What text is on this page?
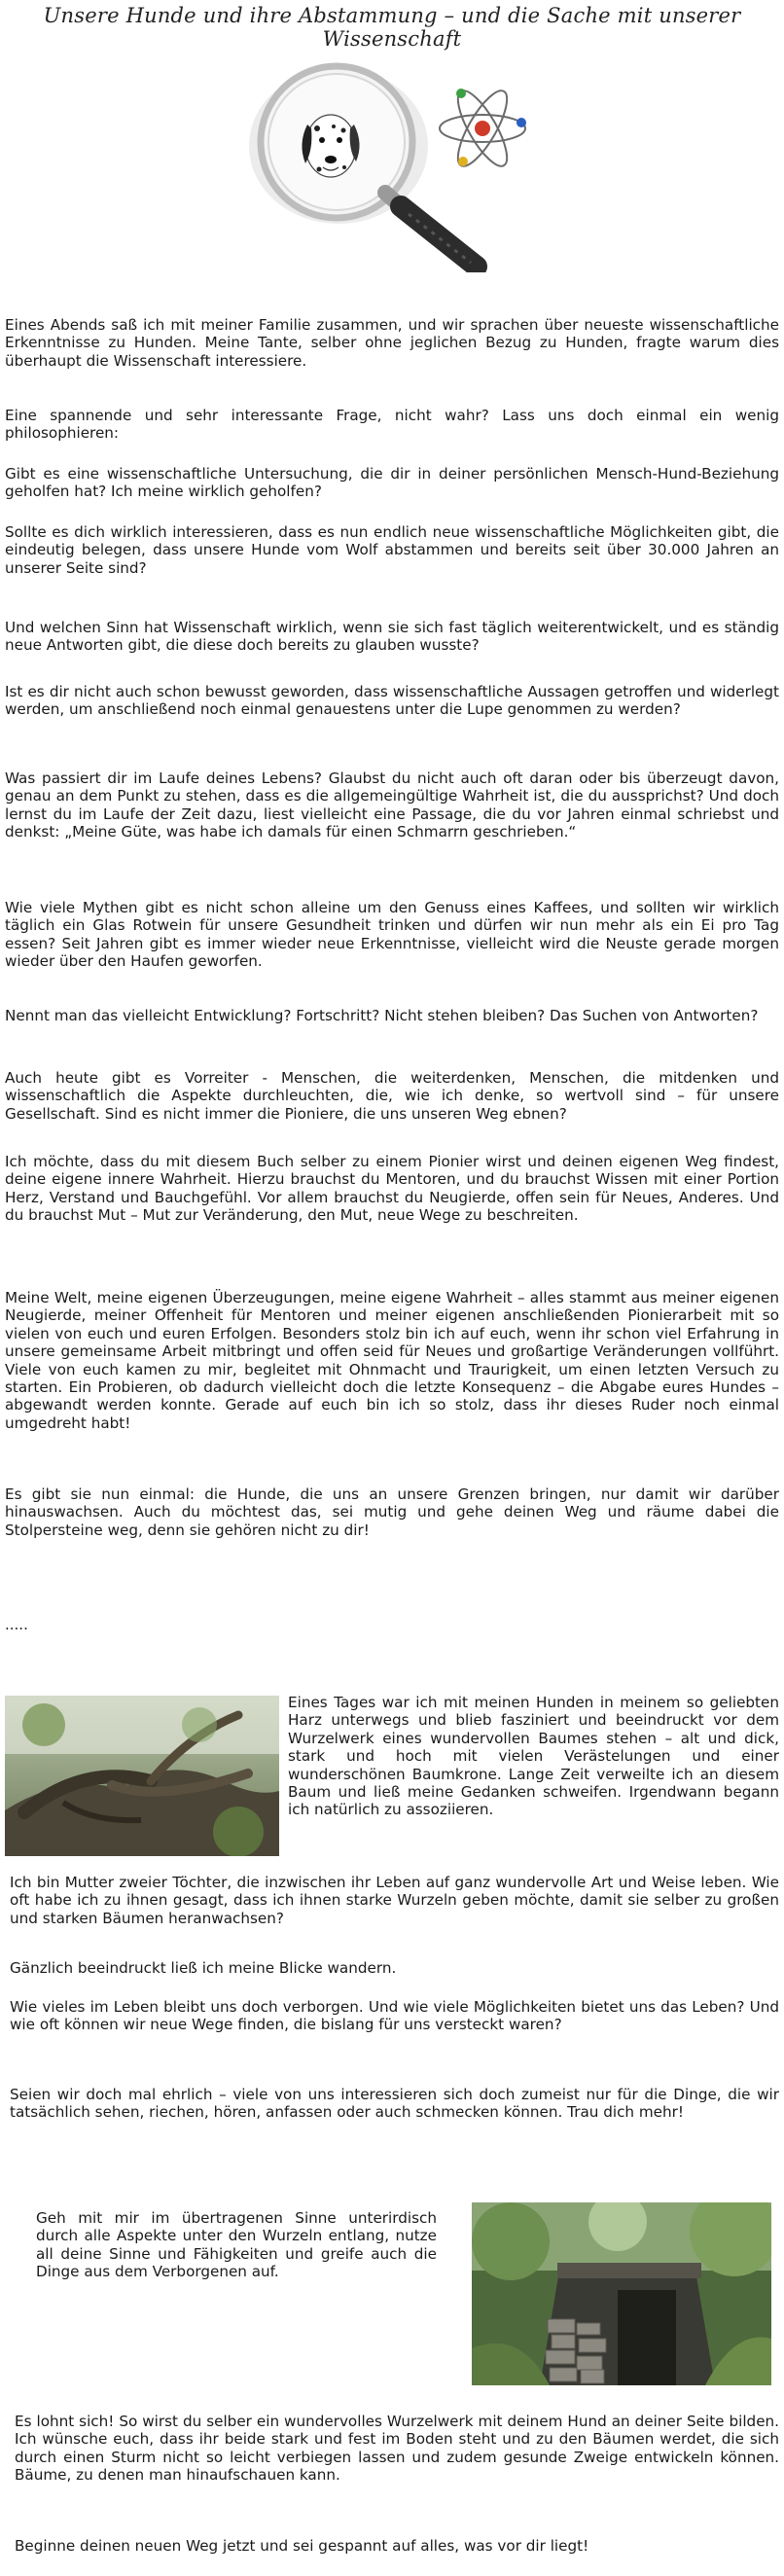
Unsere Hunde und ihre Abstammung – und die Sache mit unserer Wissenschaft

Eines Abends saß ich mit meiner Familie zusammen, und wir sprachen über neueste wissenschaftliche Erkenntnisse zu Hunden. Meine Tante, selber ohne jeglichen Bezug zu Hunden, fragte warum dies überhaupt die Wissenschaft interessiere.

Eine spannende und sehr interessante Frage, nicht wahr? Lass uns doch einmal ein wenig philosophieren:

Gibt es eine wissenschaftliche Untersuchung, die dir in deiner persönlichen Mensch-Hund-Beziehung geholfen hat? Ich meine wirklich geholfen?

Sollte es dich wirklich interessieren, dass es nun endlich neue wissenschaftliche Möglichkeiten gibt, die eindeutig belegen, dass unsere Hunde vom Wolf abstammen und bereits seit über 30.000 Jahren an unserer Seite sind?

Und welchen Sinn hat Wissenschaft wirklich, wenn sie sich fast täglich weiterentwickelt, und es ständig neue Antworten gibt, die diese doch bereits zu glauben wusste?

Ist es dir nicht auch schon bewusst geworden, dass wissenschaftliche Aussagen getroffen und widerlegt werden, um anschließend noch einmal genauestens unter die Lupe genommen zu werden?

Was passiert dir im Laufe deines Lebens? Glaubst du nicht auch oft daran oder bis überzeugt davon, genau an dem Punkt zu stehen, dass es die allgemeingültige Wahrheit ist, die du aussprichst? Und doch lernst du im Laufe der Zeit dazu, liest vielleicht eine Passage, die du vor Jahren einmal schriebst und denkst: „Meine Güte, was habe ich damals für einen Schmarrn geschrieben.“

Wie viele Mythen gibt es nicht schon alleine um den Genuss eines Kaffees, und sollten wir wirklich täglich ein Glas Rotwein für unsere Gesundheit trinken und dürfen wir nun mehr als ein Ei pro Tag essen? Seit Jahren gibt es immer wieder neue Erkenntnisse, vielleicht wird die Neuste gerade morgen wieder über den Haufen geworfen.

Nennt man das vielleicht Entwicklung? Fortschritt? Nicht stehen bleiben? Das Suchen von Antworten?

Auch heute gibt es Vorreiter - Menschen, die weiterdenken, Menschen, die mitdenken und wissenschaftlich die Aspekte durchleuchten, die, wie ich denke, so wertvoll sind – für unsere Gesellschaft. Sind es nicht immer die Pioniere, die uns unseren Weg ebnen?

Ich möchte, dass du mit diesem Buch selber zu einem Pionier wirst und deinen eigenen Weg findest, deine eigene innere Wahrheit. Hierzu brauchst du Mentoren, und du brauchst Wissen mit einer Portion Herz, Verstand und Bauchgefühl. Vor allem brauchst du Neugierde, offen sein für Neues, Anderes. Und du brauchst Mut – Mut zur Veränderung, den Mut, neue Wege zu beschreiten.

Meine Welt, meine eigenen Überzeugungen, meine eigene Wahrheit – alles stammt aus meiner eigenen Neugierde, meiner Offenheit für Mentoren und meiner eigenen anschließenden Pionierarbeit mit so vielen von euch und euren Erfolgen. Besonders stolz bin ich auf euch, wenn ihr schon viel Erfahrung in unsere gemeinsame Arbeit mitbringt und offen seid für Neues und großartige Veränderungen vollführt. Viele von euch kamen zu mir, begleitet mit Ohnmacht und Traurigkeit, um einen letzten Versuch zu starten. Ein Probieren, ob dadurch vielleicht doch die letzte Konsequenz – die Abgabe eures Hundes – abgewandt werden konnte. Gerade auf euch bin ich so stolz, dass ihr dieses Ruder noch einmal umgedreht habt!

Es gibt sie nun einmal: die Hunde, die uns an unsere Grenzen bringen, nur damit wir darüber hinauswachsen. Auch du möchtest das, sei mutig und gehe deinen Weg und räume dabei die Stolpersteine weg, denn sie gehören nicht zu dir!

.....
Eines Tages war ich mit meinen Hunden in meinem so geliebten Harz unterwegs und blieb fasziniert und beeindruckt vor dem Wurzelwerk eines wundervollen Baumes stehen – alt und dick, stark und hoch mit vielen Verästelungen und einer wunderschönen Baumkrone. Lange Zeit verweilte ich an diesem Baum und ließ meine Gedanken schweifen. Irgendwann begann ich natürlich zu assoziieren.

Ich bin Mutter zweier Töchter, die inzwischen ihr Leben auf ganz wundervolle Art und Weise leben. Wie oft habe ich zu ihnen gesagt, dass ich ihnen starke Wurzeln geben möchte, damit sie selber zu großen und starken Bäumen heranwachsen?

Gänzlich beeindruckt ließ ich meine Blicke wandern.

Wie vieles im Leben bleibt uns doch verborgen. Und wie viele Möglichkeiten bietet uns das Leben? Und wie oft können wir neue Wege finden, die bislang für uns versteckt waren?

Seien wir doch mal ehrlich – viele von uns interessieren sich doch zumeist nur für die Dinge, die wir tatsächlich sehen, riechen, hören, anfassen oder auch schmecken können. Trau dich mehr!

Geh mit mir im übertragenen Sinne unterirdisch durch alle Aspekte unter den Wurzeln entlang, nutze all deine Sinne und Fähigkeiten und greife auch die Dinge aus dem Verborgenen auf.

Es lohnt sich! So wirst du selber ein wundervolles Wurzelwerk mit deinem Hund an deiner Seite bilden. Ich wünsche euch, dass ihr beide stark und fest im Boden steht und zu den Bäumen werdet, die sich durch einen Sturm nicht so leicht verbiegen lassen und zudem gesunde Zweige entwickeln können. Bäume, zu denen man hinaufschauen kann.

Beginne deinen neuen Weg jetzt und sei gespannt auf alles, was vor dir liegt!
